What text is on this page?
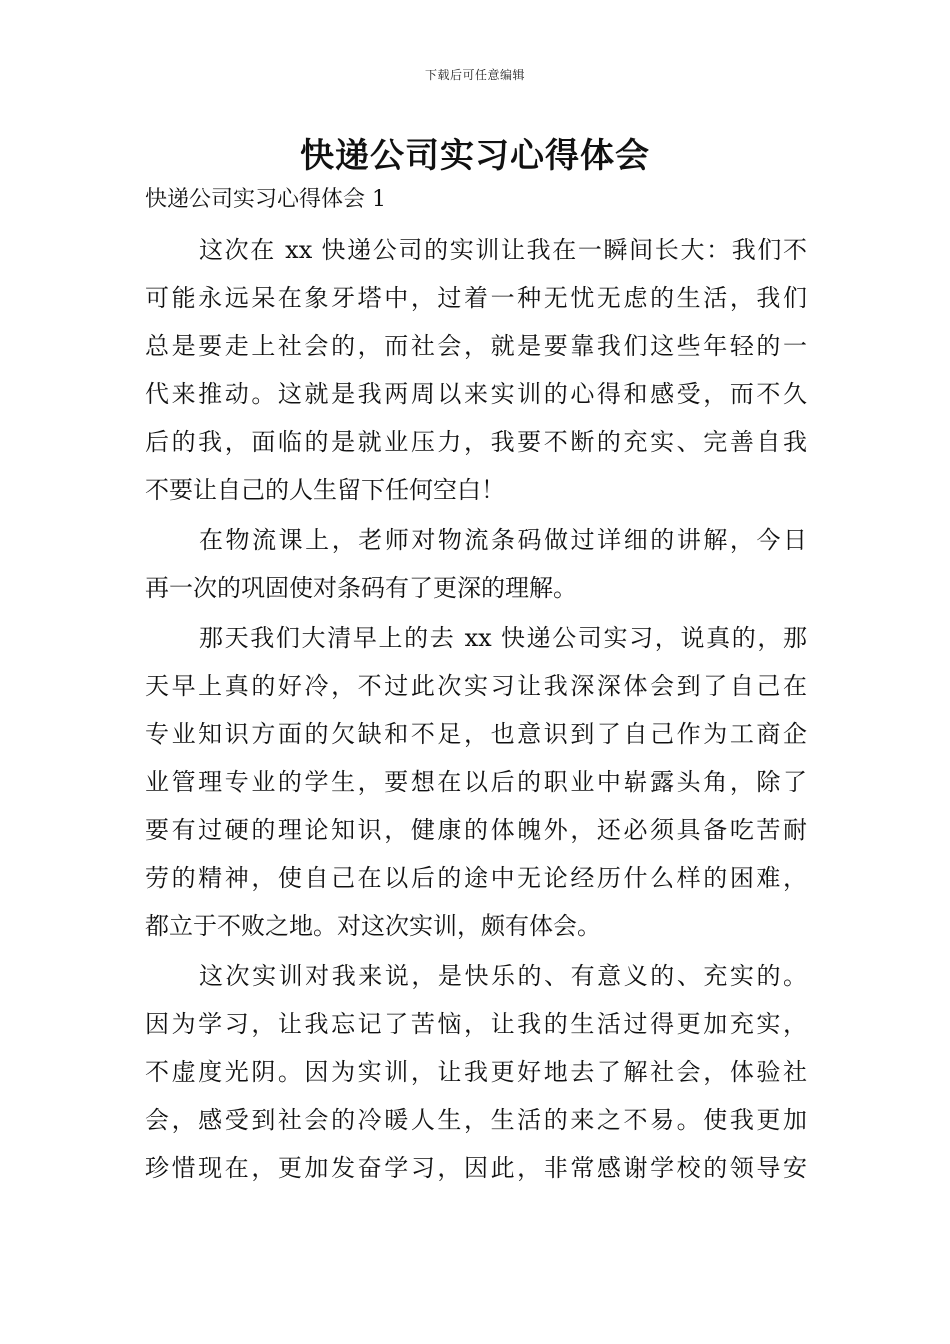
下载后可任意编辑
快递公司实习心得体会
快递公司实习心得体会 1
这次在 xx 快递公司的实训让我在一瞬间长大：我们不
可能永远呆在象牙塔中，过着一种无忧无虑的生活，我们
总是要走上社会的，而社会，就是要靠我们这些年轻的一
代来推动。这就是我两周以来实训的心得和感受，而不久
后的我，面临的是就业压力，我要不断的充实、完善自我
不要让自己的人生留下任何空白！
在物流课上，老师对物流条码做过详细的讲解，今日
再一次的巩固使对条码有了更深的理解。
那天我们大清早上的去 xx 快递公司实习，说真的，那
天早上真的好冷，不过此次实习让我深深体会到了自己在
专业知识方面的欠缺和不足，也意识到了自己作为工商企
业管理专业的学生，要想在以后的职业中崭露头角，除了
要有过硬的理论知识，健康的体魄外，还必须具备吃苦耐
劳的精神，使自己在以后的途中无论经历什么样的困难，
都立于不败之地。对这次实训，颇有体会。
这次实训对我来说，是快乐的、有意义的、充实的。
因为学习，让我忘记了苦恼，让我的生活过得更加充实，
不虚度光阴。因为实训，让我更好地去了解社会，体验社
会，感受到社会的冷暖人生，生活的来之不易。使我更加
珍惜现在，更加发奋学习，因此，非常感谢学校的领导安
